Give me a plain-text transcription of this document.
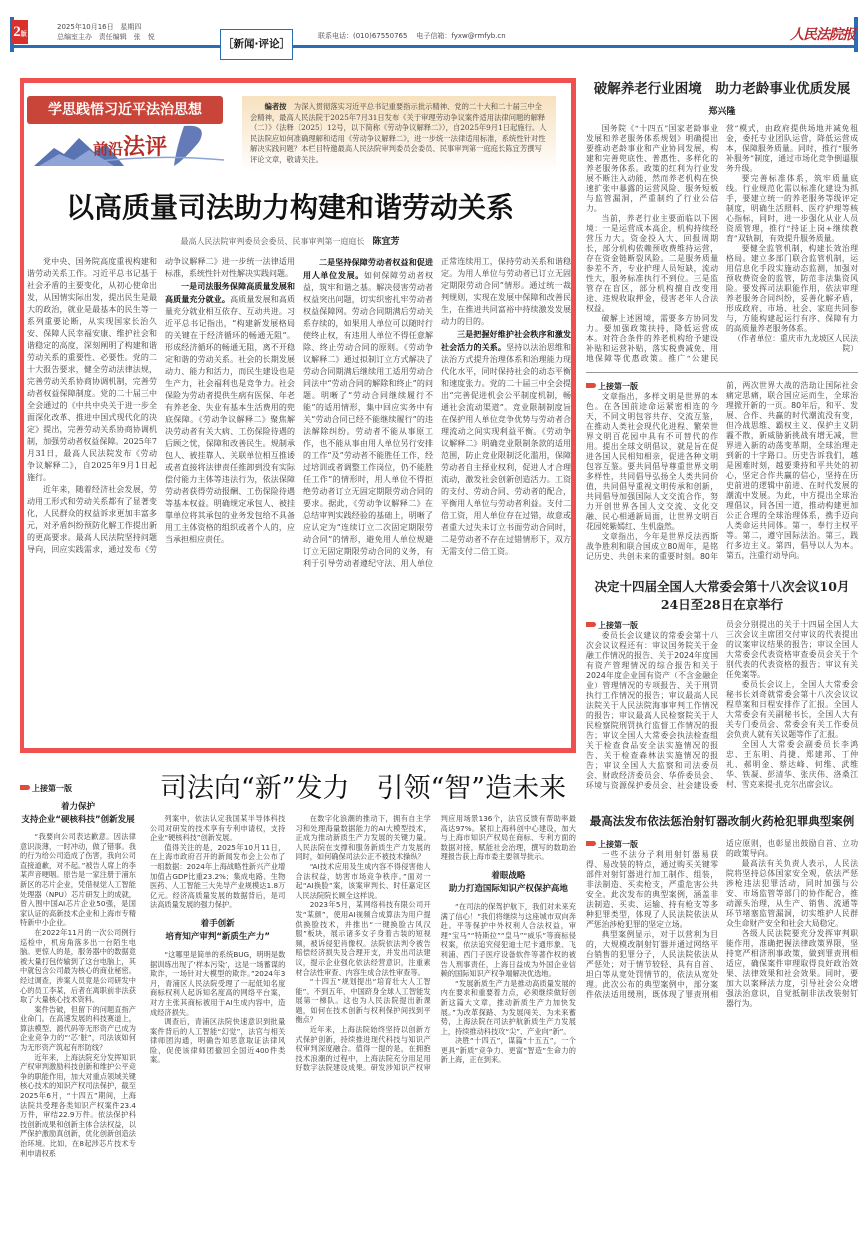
2版
2025年10月16日 星期四
总编室主办 责任编辑　张　悦
［新闻·评论］
联系电话：(010)67550765 电子信箱：fyxw@rmfyb.cn	人民法院报
学思践悟习近平法治思想
前沿法评
编者按　 为深入贯彻落实习近平总书记重要指示批示精神、党的二十大和二十届三中全会精神，最高人民法院于2025年7月31日发布《关于审理劳动争议案件适用法律问题的解释（二）》（法释〔2025〕12号，以下简称《劳动争议解释二》），自2025年9月1日起施行。人民法院应如何准确理解和适用《劳动争议解释二》，进一步统一法律适用标准，系统性针对性解决实践问题？本栏目特邀最高人民法院审判委员会委员、民事审判第一庭庭长陈宜芳撰写评论文章，敬请关注。
以高质量司法助力构建和谐劳动关系
最高人民法院审判委员会委员、民事审判第一庭庭长　 陈宜芳

党中央、国务院高度重视构建和谐劳动关系工作。习近平总书记基于社会矛盾的主要变化，从初心使命出发，从国情实际出发，提出民生是最大的政治，就业是最基本的民生等一系列重要论断，从实现国家长治久安、保障人民幸福安康、维护社会和谐稳定的高度，深刻阐明了构建和谐劳动关系的重要性、必要性。党的二十大报告要求，健全劳动法律法规，完善劳动关系协商协调机制，完善劳动者权益保障制度。党的二十届三中全会通过的《中共中央关于进一步全面深化改革、推进中国式现代化的决定》提出，完善劳动关系协商协调机制，加强劳动者权益保障。2025年7月31日，最高人民法院发布《劳动争议解释二》，自2025年9月1日起施行。

近年来，随着经济社会发展，劳动用工形式和劳动关系都有了显著变化，人民群众的权益诉求更加丰富多元，对矛盾纠纷预防化解工作提出新的更高要求。最高人民法院坚持问题导向，回应实践需求，通过发布《劳动争议解释二》进一步统一法律适用标准，系统性针对性解决实践问题。

一是司法服务保障高质量发展和高质量充分就业。高质量发展和高质量充分就业相互依存、互动共进。习近平总书记指出，“构建新发展格局的关键在于经济循环的畅通无阻”。形成经济循环的畅通无阻，离不开稳定和谐的劳动关系。社会的长期发展动力、能力和活力，而民生建设也是生产力，社会福利也是竞争力。社会保险为劳动者提供生病有医保、年老有养老金、失业有基本生活费用的兜底保障。《劳动争议解释二》聚焦解决劳动者有关大病、工伤保险待遇的后顾之忧，保障和改善民生。规制承包人、被挂靠人、关联单位相互推诿或者直接将法律责任推卸到没有实际偿付能力主体等违法行为，依法保障劳动者获得劳动报酬、工伤保险待遇等基本权益。明确规定承包人、被挂靠单位将其承包的业务发包给不具备用工主体资格的组织或者个人的，应当承担相应责任。

二是坚持保障劳动者权益和促进用人单位发展。如何保障劳动者权益，筑牢和谐之基。解决侵害劳动者权益突出问题，切实织密扎牢劳动者权益保障网。劳动合同期满后劳动关系存续的，如果用人单位可以随时行使终止权，有违用人单位不得任意解除、终止劳动合同的原则。《劳动争议解释二》通过拟制订立方式解决了劳动合同期满后继续用工适用劳动合同法中“劳动合同的解除和终止”的问题。明晰了“劳动合同继续履行不能”的适用情形，集中回应实务中有关“劳动合同已经不能继续履行”的违法解除纠纷。劳动者不能从事原工作，也不能从事由用人单位另行安排的工作“及”劳动者不能胜任工作，经过培训或者调整工作岗位，仍不能胜任工作”的情形时，用人单位不得拒绝劳动者订立无固定期限劳动合同的要求。据此，《劳动争议解释二》在总结审判实践经验的基础上，明晰了应认定为“连续订立二次固定期限劳动合同”的情形，避免用人单位规避订立无固定期限劳动合同的义务，有利于引导劳动者遵纪守法、用人单位正常连续用工，保持劳动关系和谐稳定。为用人单位与劳动者已订立无固定期限劳动合同”情形。通过统一裁判规则，实现在发展中保障和改善民生，在推进共同富裕中持续激发发展动力的目的。

三是把握好维护社会秩序和激发社会活力的关系。坚持以法治思维和法治方式提升治理体系和治理能力现代化水平，同时保持社会的动态平衡和速度张力。党的二十届三中全会提出“完善促进机会公平制度机制，畅通社会流动渠道”。竞业限制制度旨在保护用人单位竞争优势与劳动者合理流动之间实现利益平衡。《劳动争议解释二》明确竞业限制条款的适用范围，防止竞业限制泛化滥用，保障劳动者自主择业权利，促进人才合理流动，激发社会创新创造活力。工资的支付、劳动合同、劳动者的配合，平衡用人单位与劳动者利益。支付二倍工资，用人单位存在过错，故意或者重大过失未订立书面劳动合同时，二是劳动者不存在过错情形下，双方无需支付二倍工资。

破解养老行业困境　助力老龄事业优质发展
郑兴隆

国务院《“十四五”国家老龄事业发展和养老服务体系规划》明确提出要推动老龄事业和产业协同发展，构建和完善兜底性、普惠性、多样化的养老服务体系。政策的红利为行业发展不断注入动能，然而养老机构在快速扩张中暴露的运营风险、服务短板与监管漏洞，严重制约了行业公信力。

当前，养老行业主要面临以下困境：一是运营成本高企，机构持续经营压力大。资金投入大、回报周期长，部分机构依赖预收费维持运营，存在资金链断裂风险。二是服务质量参差不齐，专业护理人员短缺，流动性大，服务标准执行不到位。三是监管存在盲区，部分机构擅自改变用途、违规收取押金，侵害老年人合法权益。

破解上述困境，需要多方协同发力。要加强政策扶持，降低运营成本。对符合条件的养老机构给予建设补贴和运营补贴，落实税费减免、用地保障等优惠政策。推广“公建民营”模式，由政府提供场地并减免租金，委托专业团队运营，降低运营成本，保障服务质量。同时，推行“服务补服务”制度，通过市场化竞争倒逼服务升级。

要完善标准体系，筑牢质量底线。行业规范化需以标准化建设为抓手，要建立统一的养老服务等级评定制度，明确生活照料、医疗护理等核心指标，同时，进一步强化从业人员资质管理，推行“持证上岗+继续教育”双轨制，有效提升服务质量。

要健全监管机制，构建长效治理格局。建立多部门联合监管机制，运用信息化手段实施动态监测，加强对预收费资金的监管，防范非法集资风险。要发挥司法职能作用，依法审理养老服务合同纠纷，妥善化解矛盾，形成政府、市场、社会、家庭共同参与，方能构建起运行有序、保障有力的高质量养老服务体系。

（作者单位：重庆市九龙坡区人民法院）

上接第一版

文章指出，多样文明是世界的本色。在各国前途命运紧密相连的今天，不同文明包容共存、交流互鉴，在推动人类社会现代化进程、繁荣世界文明百花园中具有不可替代的作用。提出全球文明倡议，就是旨在促进各国人民相知相亲，促进各种文明包容互鉴。要共同倡导尊重世界文明多样性，共同倡导弘扬全人类共同价值，共同倡导重视文明传承和创新，共同倡导加强国际人文交流合作，努力开创世界各国人文交流、文化交融、民心相通新局面，让世界文明百花园姹紫嫣红、生机盎然。

文章指出，今年是世界反法西斯战争胜利和联合国成立80周年，是铭记历史、共创未来的重要时刻。80年前，两次世界大战的浩劫让国际社会痛定思痛，联合国应运而生，全球治理掀开新的一页。80年后，和平、发展、合作、共赢的时代潮流没有变，但冷战思维、霸权主义、保护主义阴霾不散，新威胁新挑战有增无减，世界进入新的动荡变革期，全球治理走到新的十字路口。历史告诉我们，越是困难时刻，越要秉持和平共处的初心，坚定合作共赢的信心，坚持在历史前进的逻辑中前进、在时代发展的潮流中发展。为此，中方提出全球治理倡议，同各国一道，推动构建更加公正合理的全球治理体系，携手迈向人类命运共同体。第一，奉行主权平等。第二，遵守国际法治。第三，践行多边主义。第四，倡导以人为本。第五，注重行动导向。

决定十四届全国人大常委会第十八次会议10月24日至28日在京举行
上接第一版

委员长会议建议的常委会第十八次会议议程还有：审议国务院关于金融工作情况的报告、关于2024年度国有资产管理情况的综合报告和关于2024年度企业国有资产（不含金融企业）管理情况的专项报告、关于刑罚执行工作情况的报告；审议最高人民法院关于人民法院海事审判工作情况的报告；审议最高人民检察院关于人民检察院刑罚执行监督工作情况的报告；审议全国人大常委会执法检查组关于检查食品安全法实施情况的报告、关于检查森林法实施情况的报告；审议全国人大监察和司法委员会、财政经济委员会、华侨委员会、环境与资源保护委员会、社会建设委员会分别提出的关于十四届全国人大三次会议主席团交付审议的代表提出的议案审议结果的报告；审议全国人大常委会代表资格审查委员会关于个别代表的代表资格的报告；审议有关任免案等。

委员长会议上，全国人大常委会秘书长刘奇就常委会第十八次会议议程草案和日程安排作了汇报。全国人大常委会有关副秘书长，全国人大有关专门委员会、常委会有关工作委员会负责人就有关议题等作了汇报。

全国人大常委会副委员长李鸿忠、王东明、肖捷、郑建邦、丁仲礼、郝明金、蔡达峰、何维、武维华、铁凝、彭清华、张庆伟、洛桑江村、雪克来提·扎克尔出席会议。

最高法发布依法惩治射钉器改制火药枪犯罪典型案例
上接第一版

一些不法分子利用射钉器易获得、易改装的特点，通过购买关键零部件对射钉器进行加工制作、组装，非法制造、买卖枪支，严重危害公共安全。此次发布的典型案例，涵盖非法制造、买卖、运输、持有枪支等多种犯罪类型，体现了人民法院依法从严惩治涉枪犯罪的坚定立场。

典型案例显示，对于以营利为目的，大规模改制射钉器并通过网络平台销售的犯罪分子，人民法院依法从严惩处；对于情节较轻、具有自首、坦白等从宽处罚情节的，依法从宽处理。此次公布的典型案例中，部分案件依法适用缓刑，既体现了罪责刑相适应原则，也彰显出鼓励自首、立功的政策导向。

最高法有关负责人表示，人民法院将坚持总体国家安全观，依法严惩涉枪违法犯罪活动，同时加强与公安、市场监管等部门的协作配合，推动源头治理，从生产、销售、流通等环节堵塞监管漏洞，切实维护人民群众生命财产安全和社会大局稳定。

各级人民法院要充分发挥审判职能作用，准确把握法律政策界限，坚持宽严相济刑事政策，做到罪责刑相适应，确保案件审理取得良好政治效果、法律效果和社会效果。同时，要加大以案释法力度，引导社会公众增强法治意识，自觉抵制非法改装射钉器行为。

上接第一版
着力保护
支持企业“硬核科技”创新发展

“我要向公司表达歉意。因法律意识淡薄，一时冲动，做了错事。我的行为给公司造成了伤害，我向公司直接道歉，对不起。”被告人席上的李某声音哽咽。原告是一家注册于浦东新区的芯片企业，凭借视觉人工智能处理器（NPU）芯片研发上的成就，曾入围中国AI芯片企业50强，是国家认证的高新技术企业和上海市专精特新中小企业。

在2022年11月的一次公司例行巡检中，机房角落多出一台陌生电脑。更惊人的是，服务器中的数据竟被大量打包传输到了这台电脑上，其中就包含公司最为核心的商业秘密。经过调查，涉案人员竟是公司研发中心的员工李某，后者在离职前非法获取了大量核心技术资料。

案件告破，但留下的问题直指产业命门。在高速发展的科技赛道上，算法模型、源代码等无形资产已成为企业竞争力的“‘芯’脏”，司法该如何为无形资产筑起有形防线？

近年来，上海法院充分发挥知识产权审判激励科技创新和维护公平竞争的职能作用，加大对重点领域关键核心技术的知识产权司法保护，截至2025年6月，“十四五”期间，上海法院共受理各类知识产权案件23.4万件，审结22.9万件。依法保护科技创新成果和创新主体合法权益，以严保护激励真创新，优化创新创造法治环境。比如，在8起涉芯片技术专利申请权系

司法向“新”发力　引领“智”造未来

列案中，依法认定我国某半导体科技公司对研发的技术享有专利申请权，支持企业“硬核科技”创新发展。

值得关注的是，2025年10月11日，在上海市政府召开的新闻发布会上公布了一组数据：2024年上海战略性新兴产业增加值占GDP比重23.2%；集成电路、生物医药、人工智能三大先导产业规模达1.8万亿元。经济高质量发展的数据背后，是司法高质量发展的强力保护。

着手创新
培育知产审判“新质生产力”

“这哪里是简单的系统BUG，明明是数据训练出现了‘样本污染’，这是一场蓄谋的欺诈，一场针对大模型的欺诈。”2024年3月，青浦区人民法院受理了一起低知名度商标权利人起诉知名度高的网络平台案，对方主张其商标被用于AI生成内容中，造成经济损失。

调查后，青浦区法院快速意识到批量案件背后的人工智能“幻觉”，法官与相关律师团沟通，明确告知恶意取证法律风险，促使该律师团撤回全国近400件类案。

在数字化浪潮的推动下，拥有自主学习和处理海量数据能力的AI大模型技术，正成为推动新质生产力发展的关键力量。人民法院在支撑和服务新质生产力发展的同时，如何确保司法公正不被技术操纵？

“AI技术应用及生成内容不得侵害他人合法权益，妨害市场竞争秩序。”面对一起“AI换脸”案，该案审判长、时任嘉定区人民法院院长顾全这样说。

2023年5月，某网络科技有限公司开发“某颜”，使用AI视频合成算法为用户提供换脸技术，并推出“一键换脸古风汉服”板块，展示诸多女子身着古装的短视频，被诉侵犯肖像权。法院依法判令被告赔偿经济损失及合理开支，并发出司法建议，提示企业强化依法经营意识，注重素材合法性审查、内容生成合法性审查等。

“十四五”规划提出“培育壮大人工智能”。不到五年，中国跻身全球人工智能发展第一梯队。这也为人民法院提出新课题，如何在技术创新与权利保护间找到平衡点？

近年来，上海法院始终坚持以创新方式保护创新，持续推进现代科技与知识产权审判深度融合。值得一提的是，在拥抱技术浪潮的过程中，上海法院充分用足用好数字法院建设成果。研发涉知识产权审判应用场景136个，法官反馈有帮助率最高达97%。紧扣上海科创中心建设，加大与上海市知识产权局在商标、专利方面的数据对接，赋能社会治理，撰写的数助治理报告获上海市委主要领导批示。

着眼战略
助力打造国际知识产权保护高地

“在司法的保驾护航下，我们对未来充满了信心！”我们将继续与这座城市双向奔赴。平等保护中外权利人合法权益，审理“宝马”“特斯拉”“皇马”“威乐”等商标侵权案，依法追究侵犯迪士尼卡通形象、飞利浦、西门子医疗设备软件等著作权的被告人刑事责任，上海日益成为外国企业信赖的国际知识产权争端解决优选地。

“发展新质生产力是推动高质量发展的内在要求和重要着力点，必须继续做好创新这篇大文章，推动新质生产力加快发展。”为改革探路、为发展闯关、为未来蓄势，上海法院在司法护航新质生产力发展上，持续推动科技攻“尖”、产业向“新”。

决胜“十四五”，谋篇“十五五”，一个更具“新质”竞争力、更富“智造”生命力的新上海，正在到来。
